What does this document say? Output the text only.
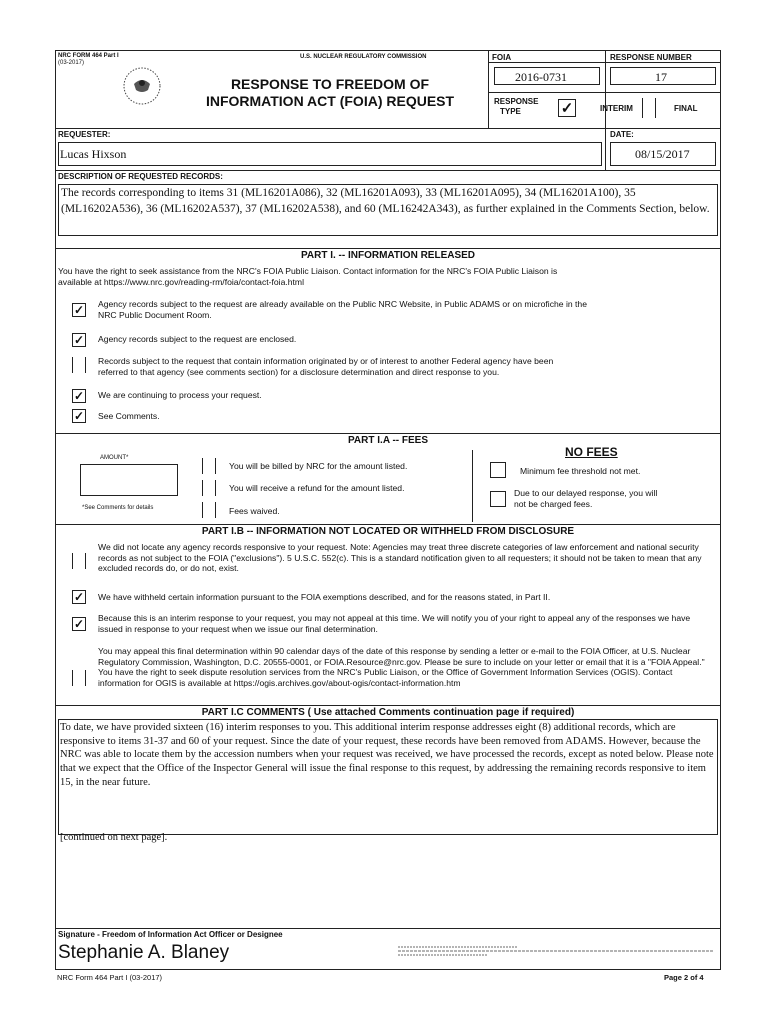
NRC FORM 464 Part I
(03-2017)
U.S. NUCLEAR REGULATORY COMMISSION
RESPONSE TO FREEDOM OF
INFORMATION ACT (FOIA) REQUEST
FOIA	RESPONSE NUMBER
2016-0731	17
RESPONSE
TYPE	✓	INTERIM	FINAL
REQUESTER:	DATE:
Lucas Hixson	08/15/2017
DESCRIPTION OF REQUESTED RECORDS:
The records corresponding to items 31 (ML16201A086), 32 (ML16201A093), 33 (ML16201A095), 34 (ML16201A100), 35 (ML16202A536), 36 (ML16202A537), 37 (ML16202A538), and 60 (ML16242A343), as further explained in the Comments Section, below.
PART I. -- INFORMATION RELEASED
You have the right to seek assistance from the NRC's FOIA Public Liaison. Contact information for the NRC's FOIA Public Liaison is
available at https://www.nrc.gov/reading-rm/foia/contact-foia.html
✓ Agency records subject to the request are already available on the Public NRC Website, in Public ADAMS or on microfiche in the
NRC Public Document Room.
✓ Agency records subject to the request are enclosed.
Records subject to the request that contain information originated by or of interest to another Federal agency have been
referred to that agency (see comments section) for a disclosure determination and direct response to you.
✓ We are continuing to process your request.
✓ See Comments.
PART I.A -- FEES
AMOUNT*
*See Comments for details
You will be billed by NRC for the amount listed.
You will receive a refund for the amount listed.
Fees waived.
NO FEES
Minimum fee threshold not met.
Due to our delayed response, you will
not be charged fees.
PART I.B -- INFORMATION NOT LOCATED OR WITHHELD FROM DISCLOSURE
We did not locate any agency records responsive to your request. Note: Agencies may treat three discrete categories of law enforcement and national security records as not subject to the FOIA ("exclusions"). 5 U.S.C. 552(c). This is a standard notification given to all requesters; it should not be taken to mean that any excluded records do, or do not, exist.
✓ We have withheld certain information pursuant to the FOIA exemptions described, and for the reasons stated, in Part II.
✓ Because this is an interim response to your request, you may not appeal at this time. We will notify you of your right to appeal any of the responses we have issued in response to your request when we issue our final determination.
You may appeal this final determination within 90 calendar days of the date of this response by sending a letter or e-mail to the FOIA Officer, at U.S. Nuclear Regulatory Commission, Washington, D.C. 20555-0001, or FOIA.Resource@nrc.gov. Please be sure to include on your letter or email that it is a "FOIA Appeal." You have the right to seek dispute resolution services from the NRC's Public Liaison, or the Office of Government Information Services (OGIS). Contact information for OGIS is available at https://ogis.archives.gov/about-ogis/contact-information.htm
PART I.C COMMENTS ( Use attached Comments continuation page if required)
To date, we have provided sixteen (16) interim responses to you. This additional interim response addresses eight (8) additional records, which are responsive to items 31-37 and 60 of your request. Since the date of your request, these records have been removed from ADAMS. However, because the NRC was able to locate them by the accession numbers when your request was received, we have processed the records, except as noted below. Please note that we expect that the Office of the Inspector General will issue the final response to this request, by addressing the remaining records responsive to item 15, in the near future.
[continued on next page].
Signature - Freedom of Information Act Officer or Designee
Stephanie A. Blaney
NRC Form 464 Part I (03-2017)	Page 2 of 4
